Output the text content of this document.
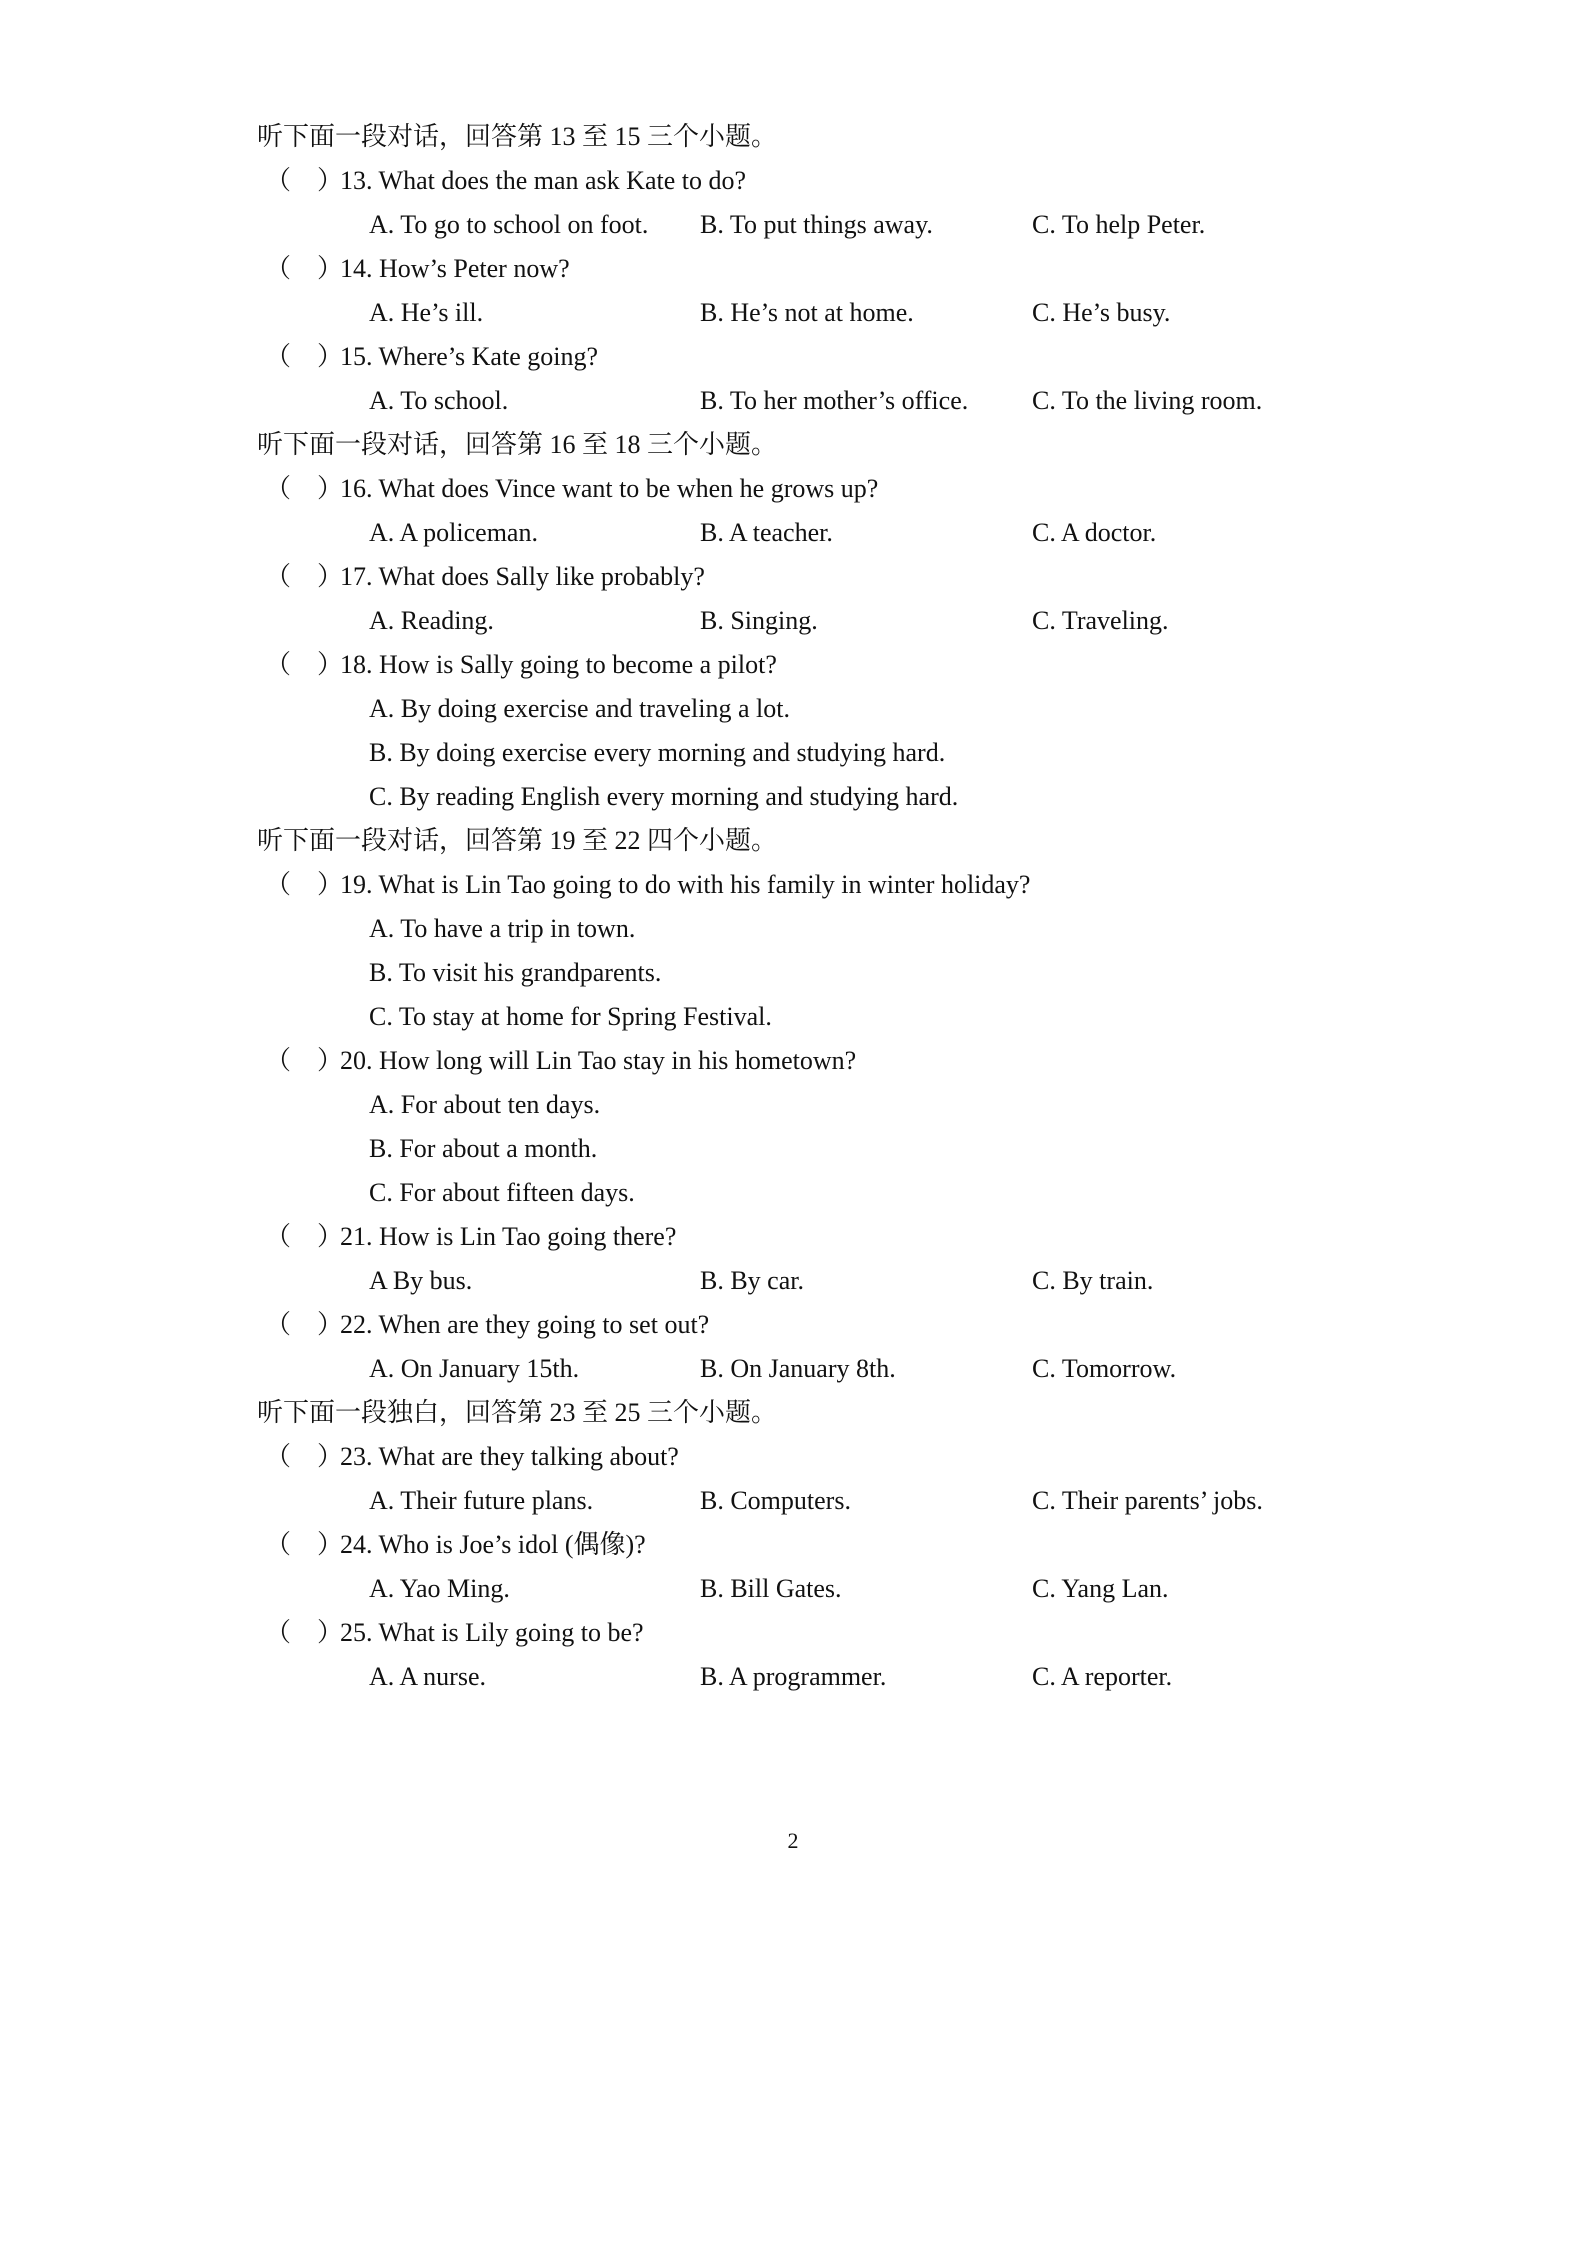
听下面一段对话，回答第 13 至 15 三个小题。
（　）
13. What does the man ask Kate to do?
A. To go to school on foot. B. To put things away.	C. To help Peter.
（　）
14. How’s Peter now?
A. He’s ill.	B. He’s not at home.	C. He’s busy.
（　）
15. Where’s Kate going?
A. To school.	B. To her mother’s office. C. To the living room.
听下面一段对话，回答第 16 至 18 三个小题。
（　）
16. What does Vince want to be when he grows up?
A. A policeman.	B. A teacher.	C. A doctor.
（　）
17. What does Sally like probably?
A. Reading.	B. Singing.	C. Traveling.
（　）
18. How is Sally going to become a pilot?
A. By doing exercise and traveling a lot.
B. By doing exercise every morning and studying hard.
C. By reading English every morning and studying hard.
听下面一段对话，回答第 19 至 22 四个小题。
（　）
19. What is Lin Tao going to do with his family in winter holiday?
A. To have a trip in town.
B. To visit his grandparents.
C. To stay at home for Spring Festival.
（　）
20. How long will Lin Tao stay in his hometown?
A. For about ten days.
B. For about a month.
C. For about fifteen days.
（　）
21. How is Lin Tao going there?
A By bus.	B. By car.	C. By train.
（　）
22. When are they going to set out?
A. On January 15th.	B. On January 8th.	C. Tomorrow.
听下面一段独白，回答第 23 至 25 三个小题。
（　）
23. What are they talking about?
A. Their future plans.	B. Computers.	C. Their parents’ jobs.
（　）
24. Who is Joe’s idol (偶像)?
A. Yao Ming.	B. Bill Gates.	C. Yang Lan.
（　）
25. What is Lily going to be?
A. A nurse.	B. A programmer.	C. A reporter.
2
